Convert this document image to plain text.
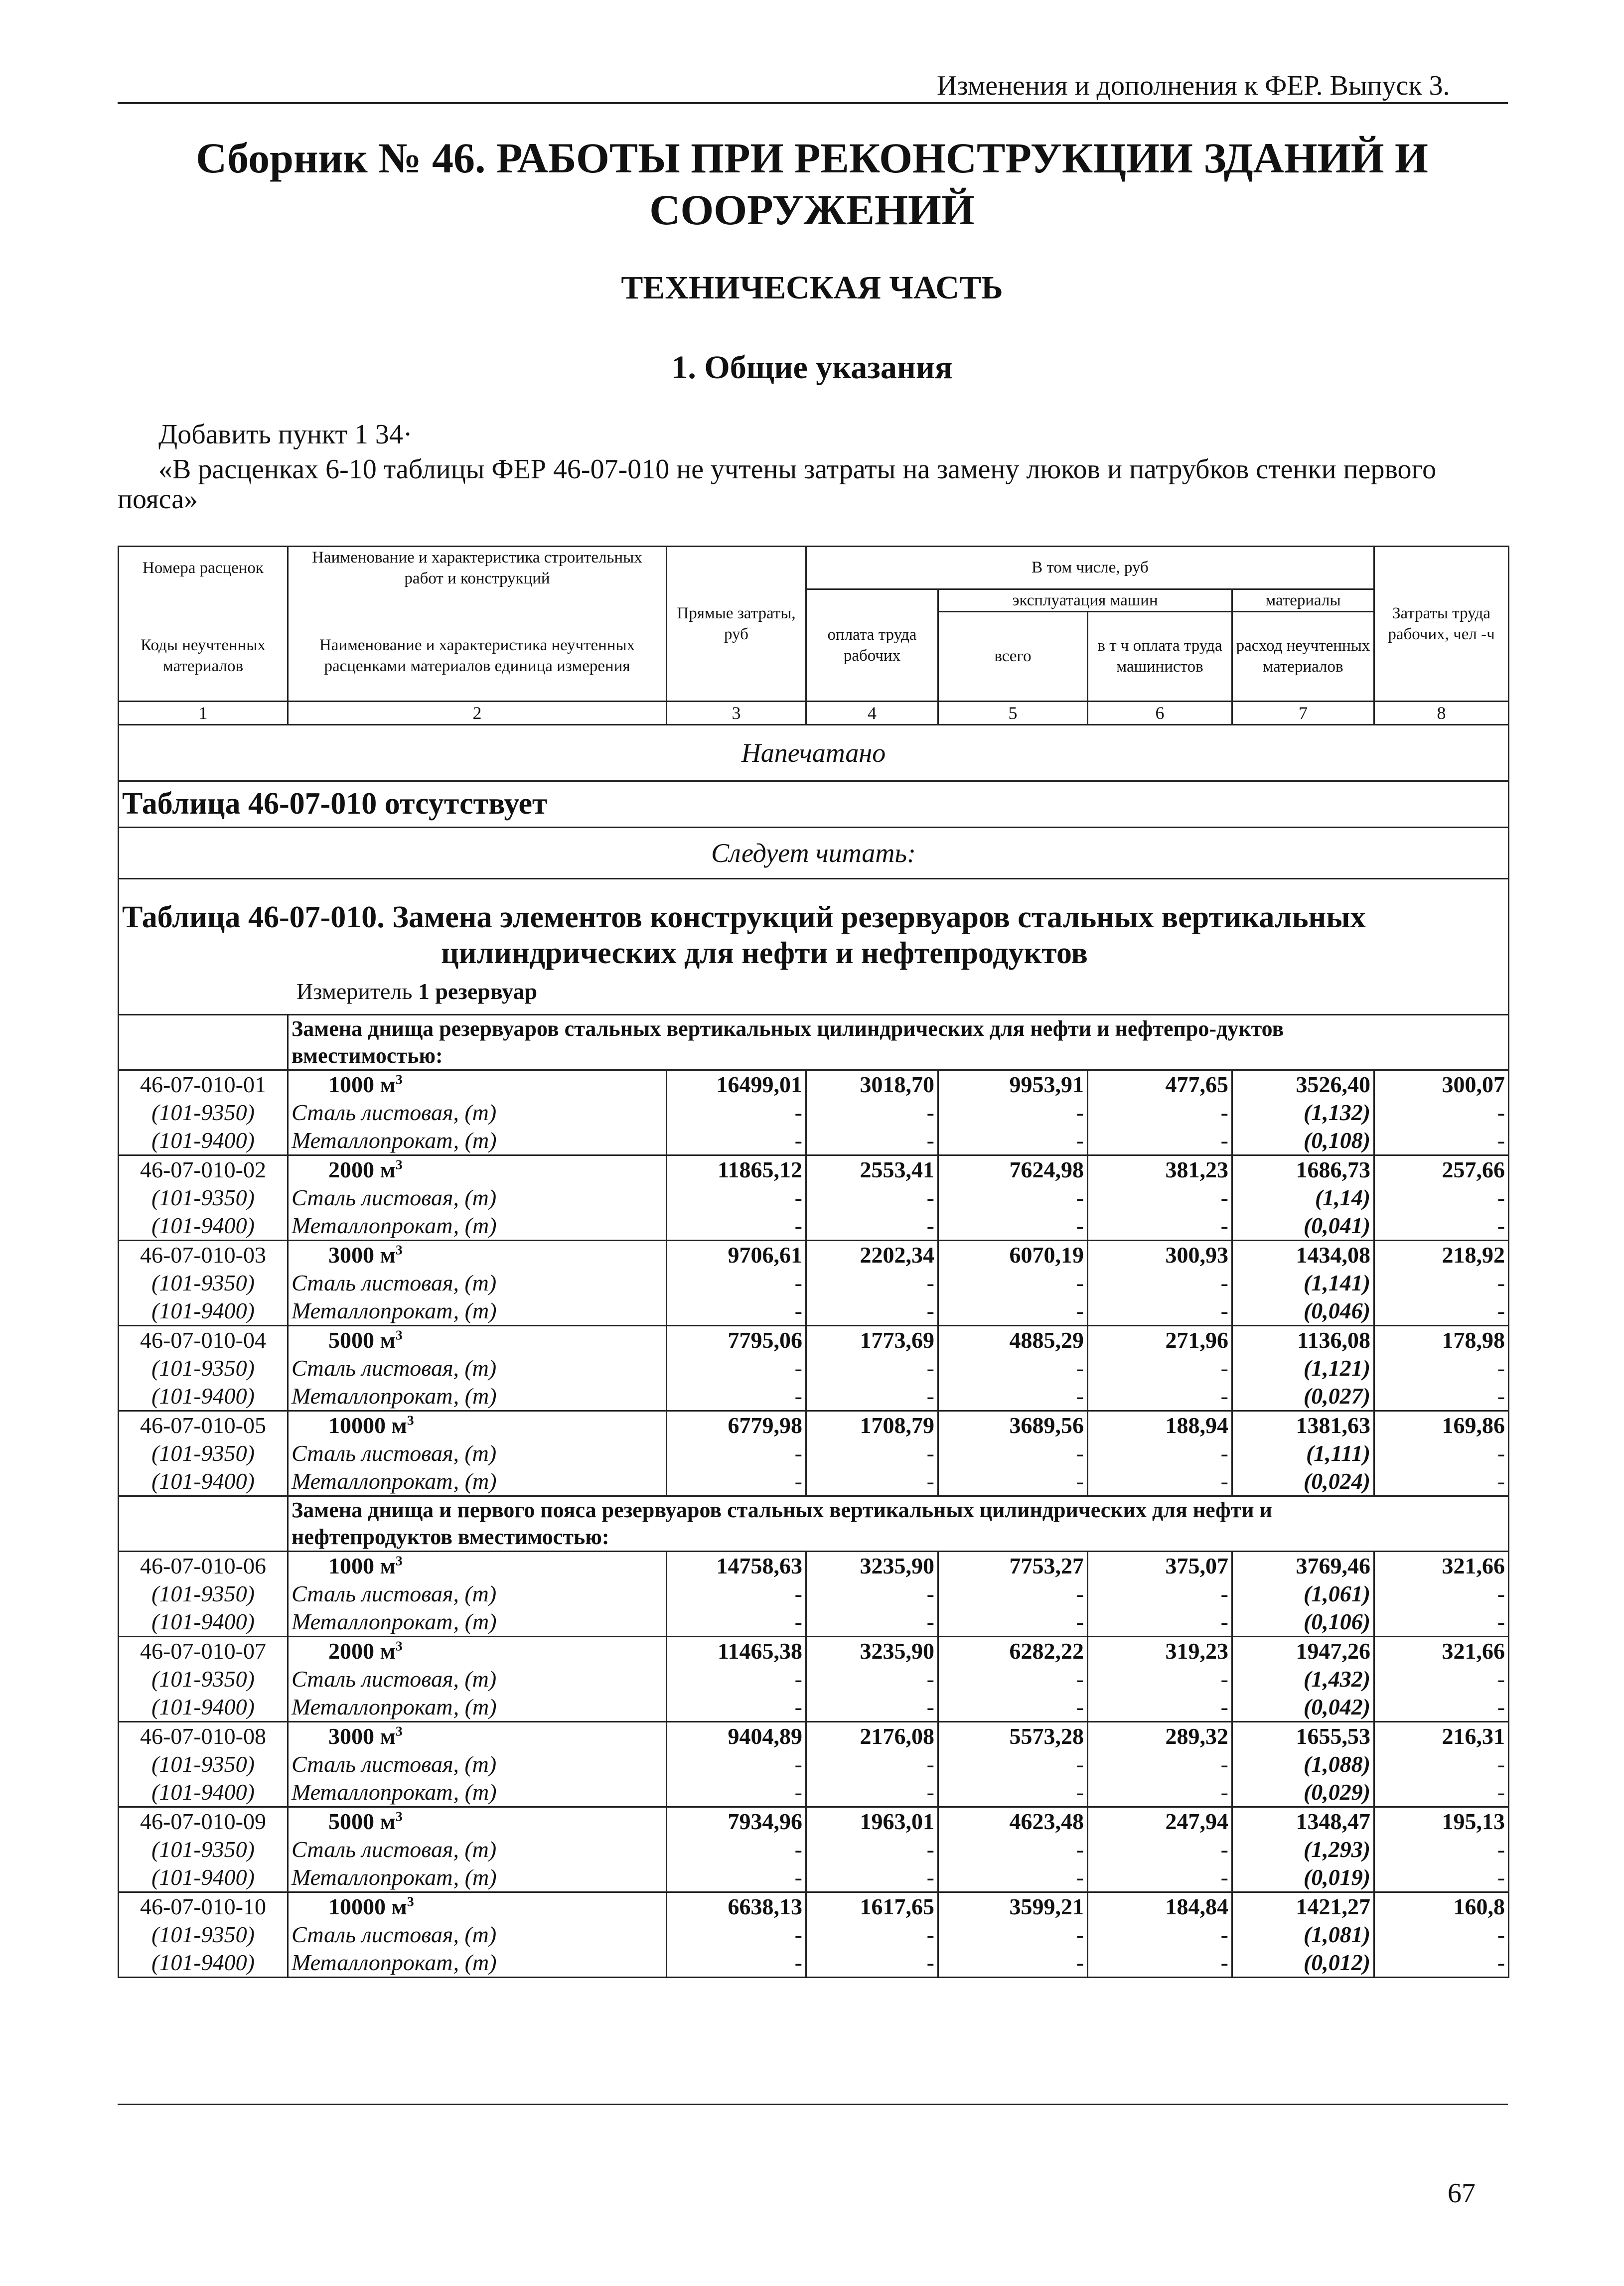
Изменения и дополнения к ФЕР. Выпуск 3.
Сборник № 46. РАБОТЫ ПРИ РЕКОНСТРУКЦИИ ЗДАНИЙ И
СООРУЖЕНИЙ
ТЕХНИЧЕСКАЯ ЧАСТЬ
1. Общие указания
Добавить пункт 1 34·
«В расценках 6-10 таблицы ФЕР 46-07-010 не учтены затраты на замену люков и патрубков стенки первого
пояса»
Номера расценок	Наименование и характеристика строительных работ и конструкций	Прямые затраты, руб	В том числе, руб				Затраты труда рабочих, чел -ч
			оплата труда рабочих	эксплуатация машин		материалы	
Коды неучтенных материалов	Наименование и характеристика неучтенных расценками материалов единица измерения			всего	в т ч оплата труда машинистов	расход неучтенных материалов	
1	2	3	4	5	6	7	8
Напечатано							
Таблица 46-07-010 отсутствует							
Следует читать:							

Таблица 46-07-010. Замена элементов конструкций резервуаров стальных вертикальных
цилиндрических для нефти и нефтепродуктов
Измеритель 1 резервуар							

	Замена днища резервуаров стальных вертикальных цилиндрических для нефти и нефтепро-дуктов
вместимостью:						

46-07-010-01	1000 $м^3$	16499,01	3018,70	9953,91	477,65	3526,40	300,07
(101-9350)	Сталь листовая, (т)	-	-	-	-	(1,132)	-
(101-9400)	Металлопрокат, (т)	-	-	-	-	(0,108)	-
46-07-010-02	2000 $м^3$	11865,12	2553,41	7624,98	381,23	1686,73	257,66
(101-9350)	Сталь листовая, (т)	-	-	-	-	(1,14)	-
(101-9400)	Металлопрокат, (т)	-	-	-	-	(0,041)	-
46-07-010-03	3000 $м^3$	9706,61	2202,34	6070,19	300,93	1434,08	218,92
(101-9350)	Сталь листовая, (т)	-	-	-	-	(1,141)	-
(101-9400)	Металлопрокат, (т)	-	-	-	-	(0,046)	-
46-07-010-04	5000 $м^3$	7795,06	1773,69	4885,29	271,96	1136,08	178,98
(101-9350)	Сталь листовая, (т)	-	-	-	-	(1,121)	-
(101-9400)	Металлопрокат, (т)	-	-	-	-	(0,027)	-
46-07-010-05	10000 $м^3$	6779,98	1708,79	3689,56	188,94	1381,63	169,86
(101-9350)	Сталь листовая, (т)	-	-	-	-	(1,111)	-
(101-9400)	Металлопрокат, (т)	-	-	-	-	(0,024)	-

	Замена днища и первого пояса резервуаров стальных вертикальных цилиндрических для нефти и
нефтепродуктов вместимостью:						

46-07-010-06	1000 $м^3$	14758,63	3235,90	7753,27	375,07	3769,46	321,66
(101-9350)	Сталь листовая, (т)	-	-	-	-	(1,061)	-
(101-9400)	Металлопрокат, (т)	-	-	-	-	(0,106)	-
46-07-010-07	2000 $м^3$	11465,38	3235,90	6282,22	319,23	1947,26	321,66
(101-9350)	Сталь листовая, (т)	-	-	-	-	(1,432)	-
(101-9400)	Металлопрокат, (т)	-	-	-	-	(0,042)	-
46-07-010-08	3000 $м^3$	9404,89	2176,08	5573,28	289,32	1655,53	216,31
(101-9350)	Сталь листовая, (т)	-	-	-	-	(1,088)	-
(101-9400)	Металлопрокат, (т)	-	-	-	-	(0,029)	-
46-07-010-09	5000 $м^3$	7934,96	1963,01	4623,48	247,94	1348,47	195,13
(101-9350)	Сталь листовая, (т)	-	-	-	-	(1,293)	-
(101-9400)	Металлопрокат, (т)	-	-	-	-	(0,019)	-
46-07-010-10	10000 $м^3$	6638,13	1617,65	3599,21	184,84	1421,27	160,8
(101-9350)	Сталь листовая, (т)	-	-	-	-	(1,081)	-
(101-9400)	Металлопрокат, (т)	-	-	-	-	(0,012)	-
67
